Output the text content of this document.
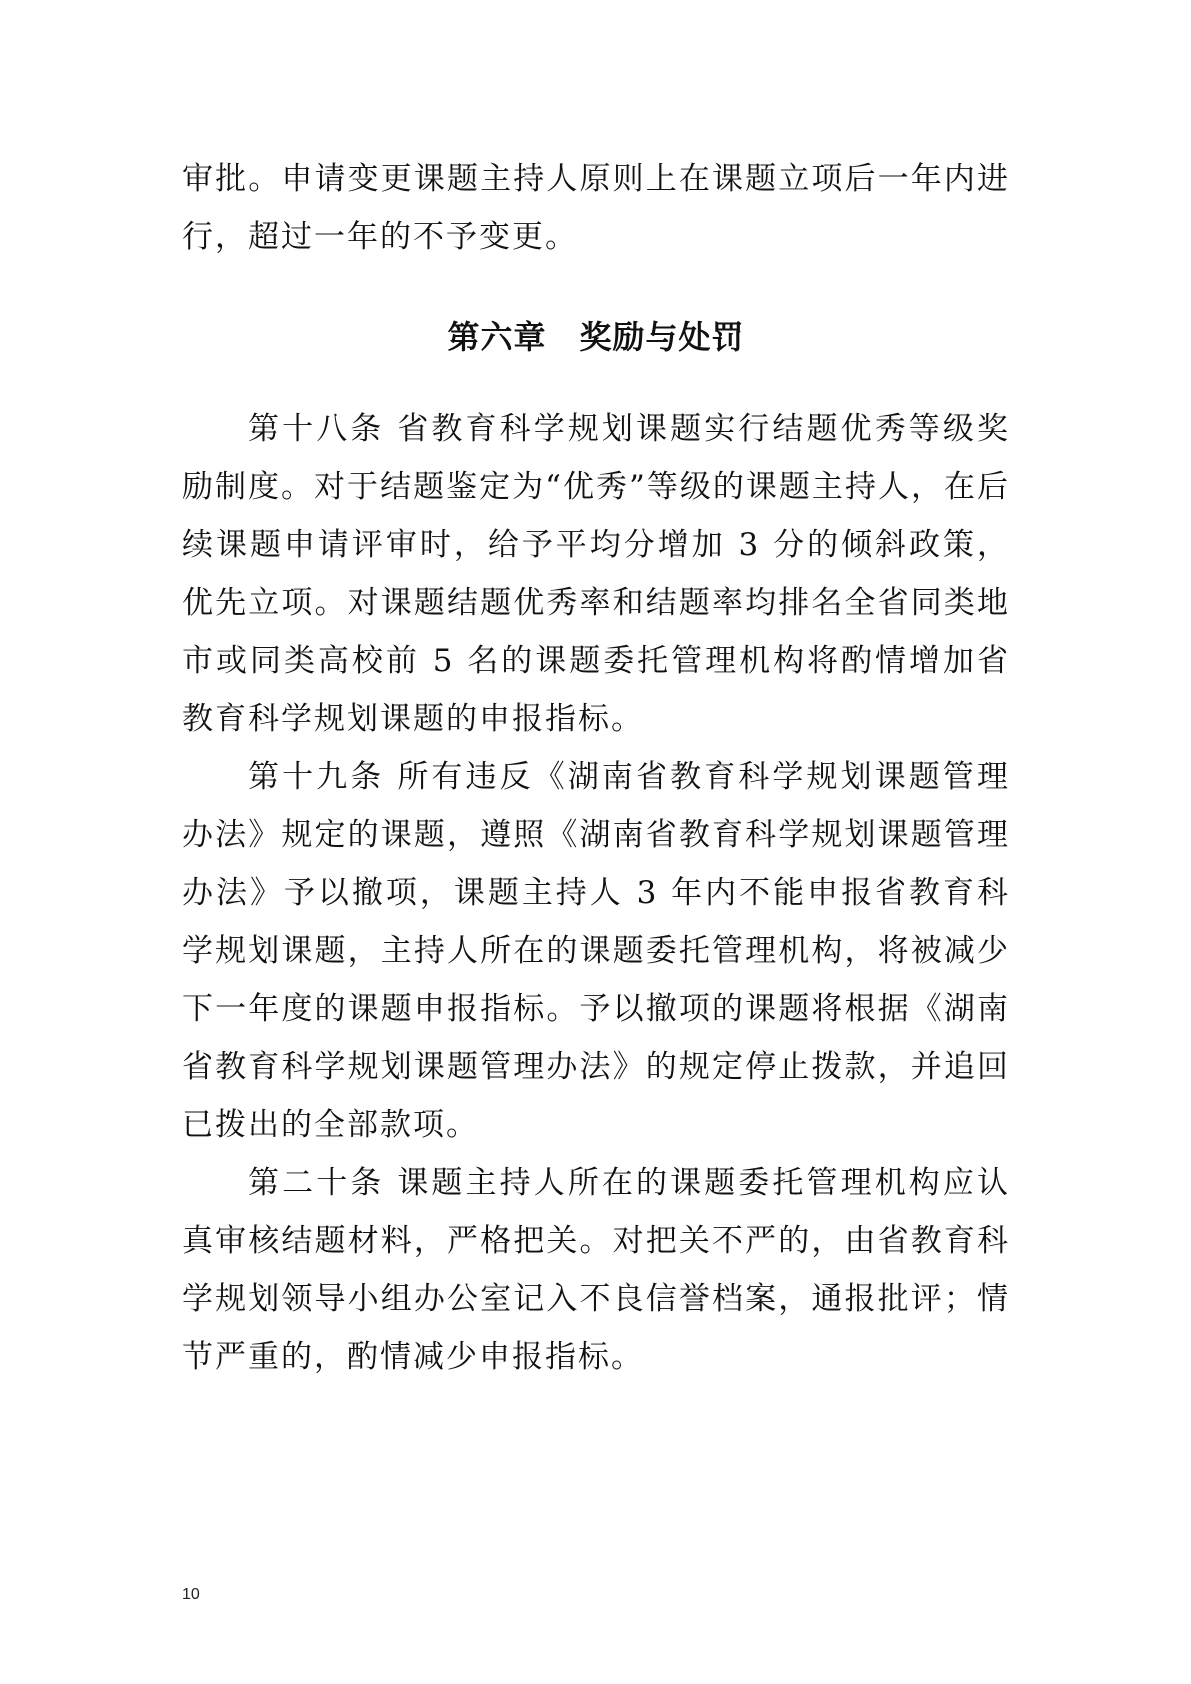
审批。申请变更课题主持人原则上在课题立项后一年内进行，超过一年的不予变更。

第六章　奖励与处罚

第十八条 省教育科学规划课题实行结题优秀等级奖励制度。对于结题鉴定为“优秀”等级的课题主持人，在后续课题申请评审时，给予平均分增加 3 分的倾斜政策，优先立项。对课题结题优秀率和结题率均排名全省同类地市或同类高校前 5 名的课题委托管理机构将酌情增加省教育科学规划课题的申报指标。

第十九条 所有违反《湖南省教育科学规划课题管理办法》规定的课题，遵照《湖南省教育科学规划课题管理办法》予以撤项，课题主持人 3 年内不能申报省教育科学规划课题，主持人所在的课题委托管理机构，将被减少下一年度的课题申报指标。予以撤项的课题将根据《湖南省教育科学规划课题管理办法》的规定停止拨款，并追回已拨出的全部款项。

第二十条 课题主持人所在的课题委托管理机构应认真审核结题材料，严格把关。对把关不严的，由省教育科学规划领导小组办公室记入不良信誉档案，通报批评；情节严重的，酌情减少申报指标。

10
